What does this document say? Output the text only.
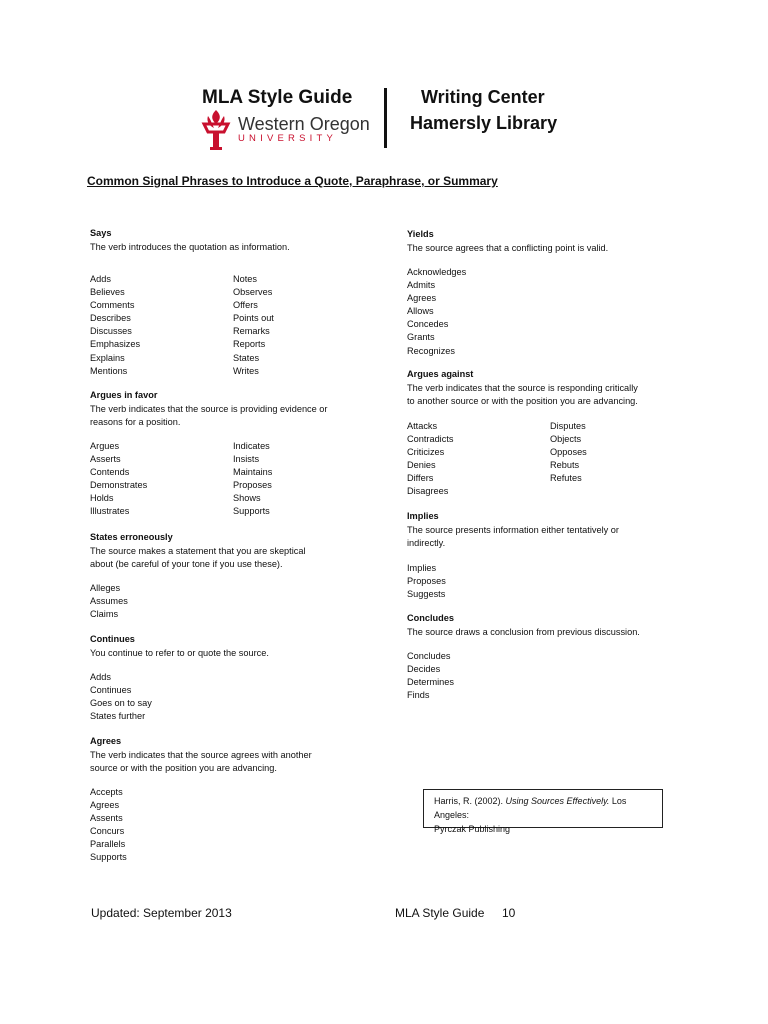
MLA Style Guide
Western Oregon
UNIVERSITY
Writing Center
Hamersly Library
Common Signal Phrases to Introduce a Quote, Paraphrase, or Summary
Says
The verb introduces the quotation as information.
Adds
Believes
Comments
Describes
Discusses
Emphasizes
Explains
Mentions
Notes
Observes
Offers
Points out
Remarks
Reports
States
Writes
Argues in favor
The verb indicates that the source is providing evidence or
reasons for a position.
Argues
Asserts
Contends
Demonstrates
Holds
Illustrates
Indicates
Insists
Maintains
Proposes
Shows
Supports
States erroneously
The source makes a statement that you are skeptical
about (be careful of your tone if you use these).
Alleges
Assumes
Claims
Continues
You continue to refer to or quote the source.
Adds
Continues
Goes on to say
States further
Agrees
The verb indicates that the source agrees with another
source or with the position you are advancing.
Accepts
Agrees
Assents
Concurs
Parallels
Supports
Yields
The source agrees that a conflicting point is valid.
Acknowledges
Admits
Agrees
Allows
Concedes
Grants
Recognizes
Argues against
The verb indicates that the source is responding critically
to another source or with the position you are advancing.
Attacks
Contradicts
Criticizes
Denies
Differs
Disagrees
Disputes
Objects
Opposes
Rebuts
Refutes
Implies
The source presents information either tentatively or
indirectly.
Implies
Proposes
Suggests
Concludes
The source draws a conclusion from previous discussion.
Concludes
Decides
Determines
Finds
Harris, R. (2002). Using Sources Effectively. Los Angeles:
Pyrczak Publishing
Updated: September 2013	MLA Style Guide 10
